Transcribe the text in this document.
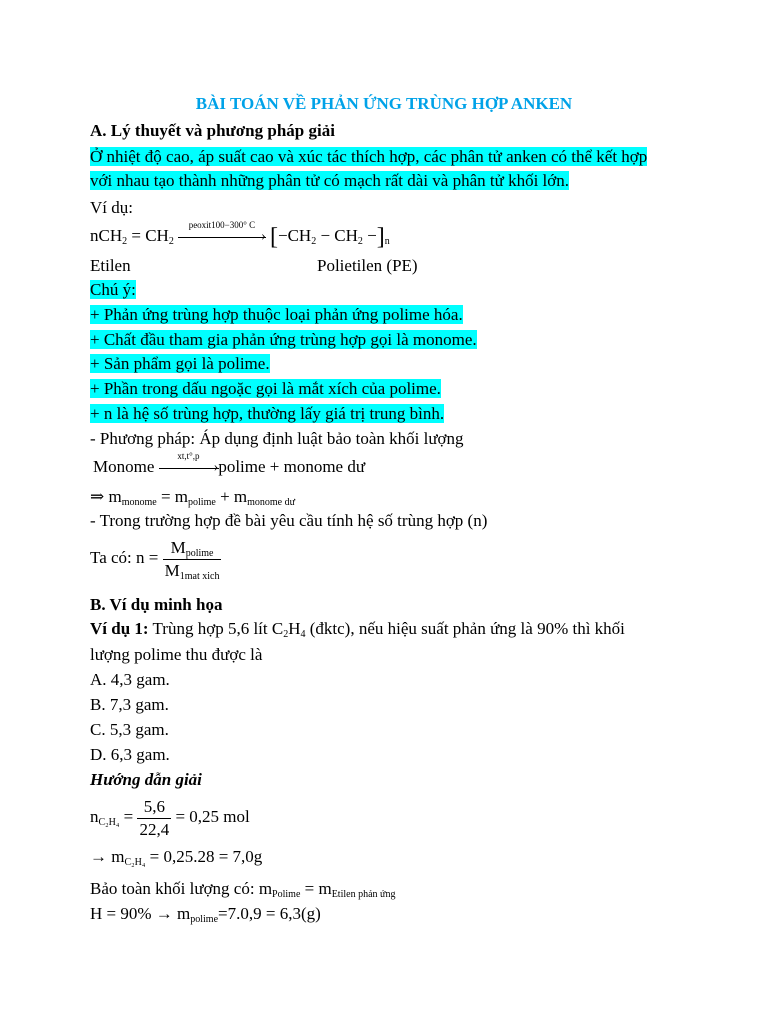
BÀI TOÁN VỀ PHẢN ỨNG TRÙNG HỢP ANKEN
A. Lý thuyết và phương pháp giải
Ở nhiệt độ cao, áp suất cao và xúc tác thích hợp, các phân tử anken có thể kết hợp
với nhau tạo thành những phân tử có mạch rất dài và phân tử khối lớn.
Ví dụ:
$nCH_2 = CH_2$
peoxit100−300° C
› $[-CH_2 - CH_2 -]_n$
Etilen	Polietilen (PE)
Chú ý:
+ Phản ứng trùng hợp thuộc loại phản ứng polime hóa.
+ Chất đầu tham gia phản ứng trùng hợp gọi là monome.
+ Sản phẩm gọi là polime.
+ Phần trong dấu ngoặc gọi là mắt xích của polime.
+ n là hệ số trùng hợp, thường lấy giá trị trung bình.
- Phương pháp: Áp dụng định luật bảo toàn khối lượng
Monome
xt,t°,p
›polime + monome dư
⇒ $m_{monome} = m_{polime} + m_{monome dư}$
- Trong trường hợp đề bài yêu cầu tính hệ số trùng hợp (n)
Ta có: $n = \frac{M_{polime}}{M_{1mat xich}}$
B. Ví dụ minh họa
Ví dụ 1: Trùng hợp 5,6 lít $C_2H_4$ (đktc), nếu hiệu suất phản ứng là 90% thì khối
lượng polime thu được là
A. 4,3 gam.
B. 7,3 gam.
C. 5,3 gam.
D. 6,3 gam.
Hướng dẫn giải
$n_{C_2H_4} = \frac{5,6}{22,4} = 0,25$ mol
→ $m_{C_2H_4} = 0,25.28 = 7,0g$
Bảo toàn khối lượng có: $m_{Polime} = m_{Etilen phản ứng}$
$H = 90\% \to m_{polime}=7.0,9 = 6,3(g)$
